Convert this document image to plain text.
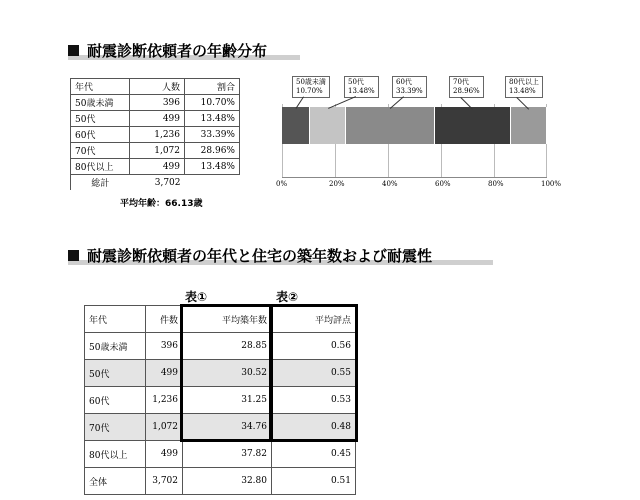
耐震診断依頼者の年齢分布
年代	人数	割合
50歳未満	396	10.70%
50代	499	13.48%
60代	1,236	33.39%
70代	1,072	28.96%
80代以上	499	13.48%
総計	3,702	
平均年齢：66.13歳
50歳未満
10.70%
50代
13.48%
60代
33.39%
70代
28.96%
80代以上
13.48%
0%	20%	40%	60%	80%	100%
耐震診断依頼者の年代と住宅の築年数および耐震性
表①	表②
年代	件数	平均築年数	平均評点
50歳未満	396	28.85	0.56
50代	499	30.52	0.55
60代	1,236	31.25	0.53
70代	1,072	34.76	0.48
80代以上	499	37.82	0.45
全体	3,702	32.80	0.51
